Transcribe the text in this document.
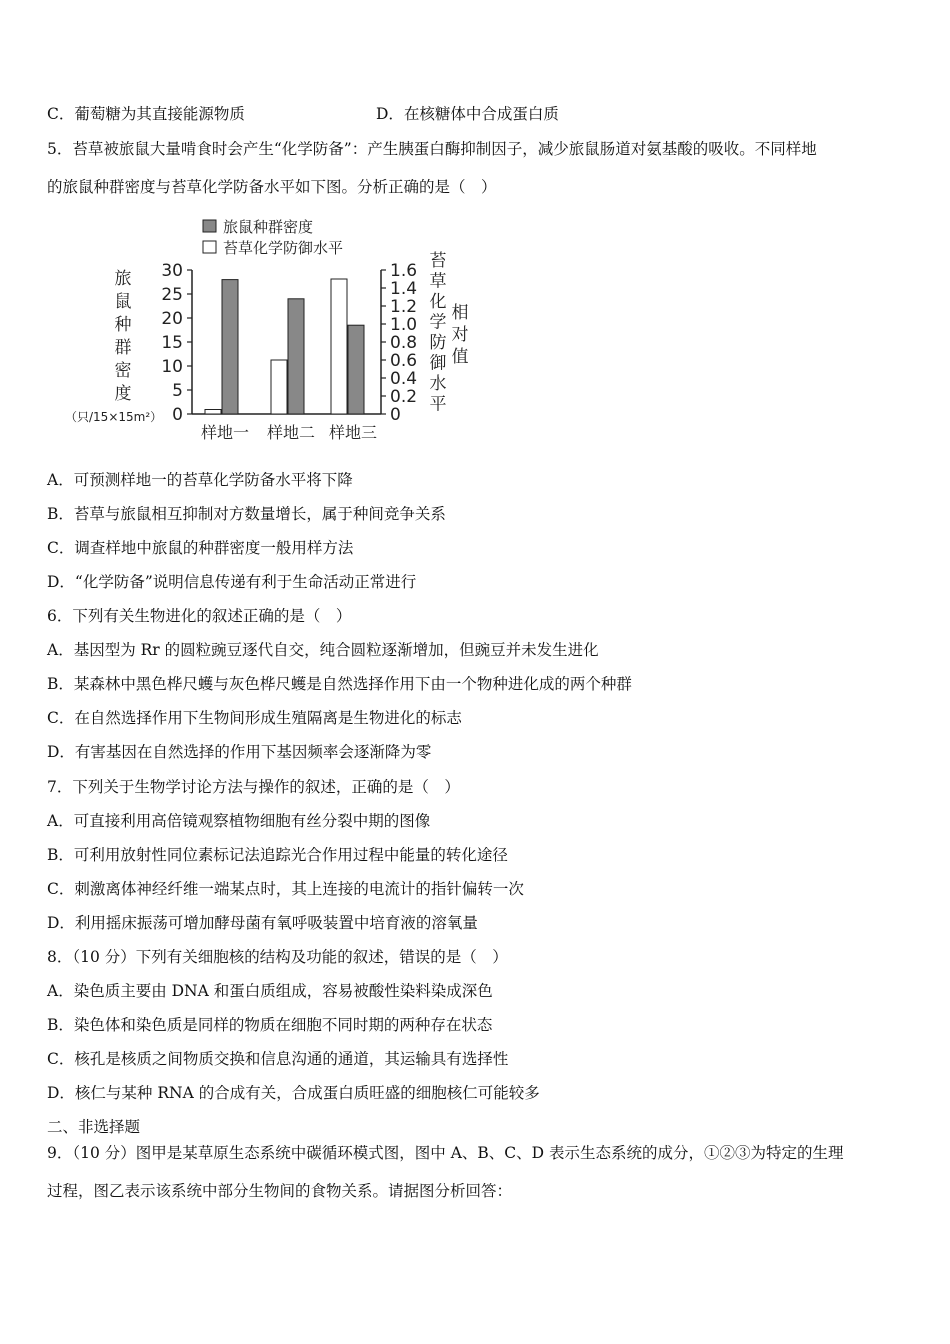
C．葡萄糖为其直接能源物质	D．在核糖体中合成蛋白质
5．苔草被旅鼠大量啃食时会产生“化学防备”：产生胰蛋白酶抑制因子，减少旅鼠肠道对氨基酸的吸收。不同样地
的旅鼠种群密度与苔草化学防备水平如下图。分析正确的是（　）
旅鼠种群密度
苔草化学防御水平
旅
鼠
种
群
密
度
（只/15×15m²）
苔
草
化
学
防
御
水
平
相
对
值
0
5
10
15
20
25
30
0
0.2
0.4
0.6
0.8
1.0
1.2
1.4
1.6
样地一 样地二 样地三
A．可预测样地一的苔草化学防备水平将下降
B．苔草与旅鼠相互抑制对方数量增长，属于种间竞争关系
C．调查样地中旅鼠的种群密度一般用样方法
D．“化学防备”说明信息传递有利于生命活动正常进行
6．下列有关生物进化的叙述正确的是（　）
A．基因型为 Rr 的圆粒豌豆逐代自交，纯合圆粒逐渐增加，但豌豆并未发生进化
B．某森林中黑色桦尺蠖与灰色桦尺蠖是自然选择作用下由一个物种进化成的两个种群
C．在自然选择作用下生物间形成生殖隔离是生物进化的标志
D．有害基因在自然选择的作用下基因频率会逐渐降为零
7．下列关于生物学讨论方法与操作的叙述，正确的是（　）
A．可直接利用高倍镜观察植物细胞有丝分裂中期的图像
B．可利用放射性同位素标记法追踪光合作用过程中能量的转化途径
C．刺激离体神经纤维一端某点时，其上连接的电流计的指针偏转一次
D．利用摇床振荡可增加酵母菌有氧呼吸装置中培育液的溶氧量
8．（10 分）下列有关细胞核的结构及功能的叙述，错误的是（　）
A．染色质主要由 DNA 和蛋白质组成，容易被酸性染料染成深色
B．染色体和染色质是同样的物质在细胞不同时期的两种存在状态
C．核孔是核质之间物质交换和信息沟通的通道，其运输具有选择性
D．核仁与某种 RNA 的合成有关，合成蛋白质旺盛的细胞核仁可能较多
二、非选择题
9．（10 分）图甲是某草原生态系统中碳循环模式图，图中 A、B、C、D 表示生态系统的成分，①②③为特定的生理
过程，图乙表示该系统中部分生物间的食物关系。请据图分析回答：
